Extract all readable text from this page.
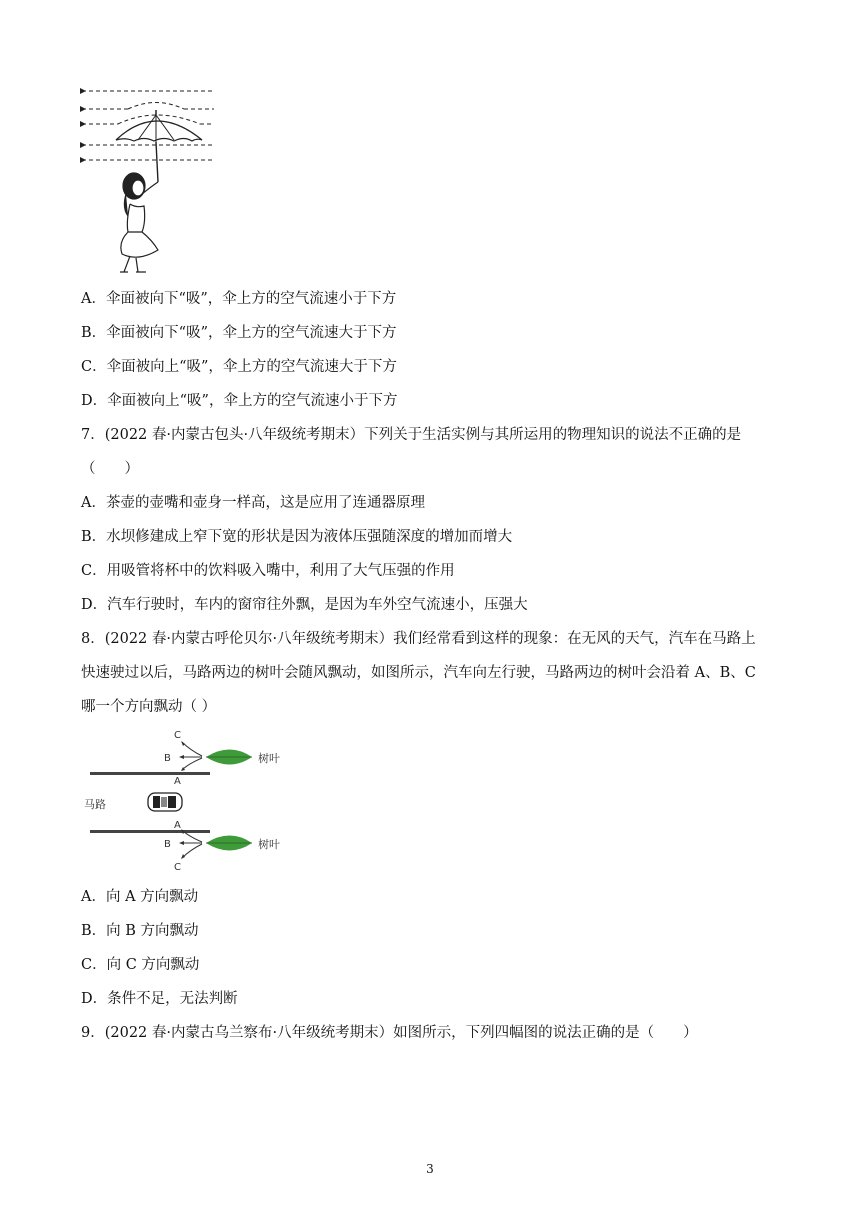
A．伞面被向下“吸”，伞上方的空气流速小于下方
B．伞面被向下“吸”，伞上方的空气流速大于下方
C．伞面被向上“吸”，伞上方的空气流速大于下方
D．伞面被向上“吸”，伞上方的空气流速小于下方
7．(2022 春·内蒙古包头·八年级统考期末）下列关于生活实例与其所运用的物理知识的说法不正确的是
（　　）
A．茶壶的壶嘴和壶身一样高，这是应用了连通器原理
B．水坝修建成上窄下宽的形状是因为液体压强随深度的增加而增大
C．用吸管将杯中的饮料吸入嘴中，利用了大气压强的作用
D．汽车行驶时，车内的窗帘往外飘，是因为车外空气流速小，压强大
8．(2022 春·内蒙古呼伦贝尔·八年级统考期末）我们经常看到这样的现象：在无风的天气，汽车在马路上
快速驶过以后，马路两边的树叶会随风飘动，如图所示，汽车向左行驶，马路两边的树叶会沿着 A、B、C
哪一个方向飘动（ ）
马路
C
B
A
A
B
C
树叶
树叶
A．向 A 方向飘动
B．向 B 方向飘动
C．向 C 方向飘动
D．条件不足，无法判断
9．(2022 春·内蒙古乌兰察布·八年级统考期末）如图所示，下列四幅图的说法正确的是（　　）
3
